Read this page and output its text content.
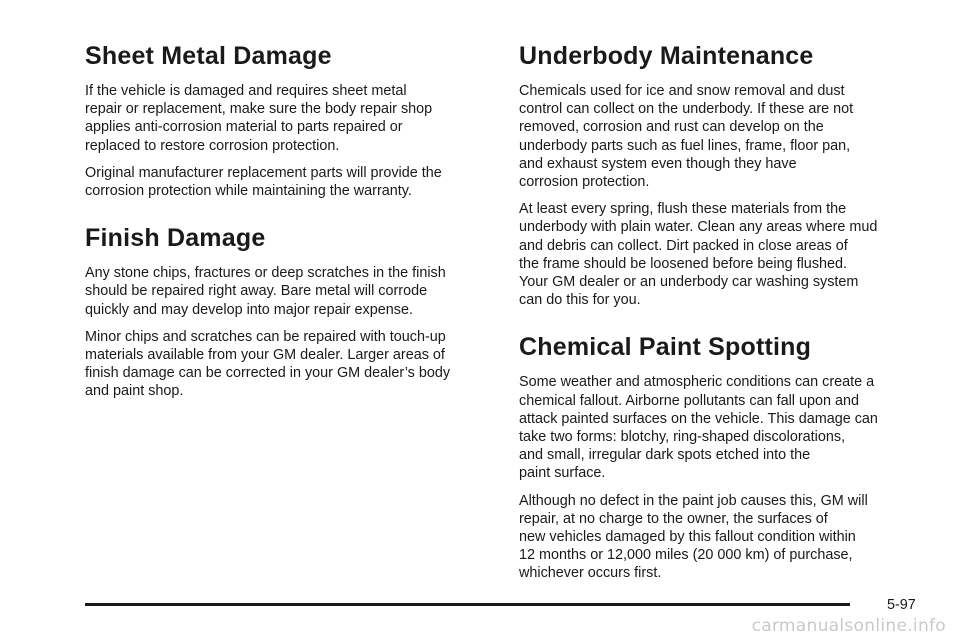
Sheet Metal Damage

If the vehicle is damaged and requires sheet metal
repair or replacement, make sure the body repair shop
applies anti-corrosion material to parts repaired or
replaced to restore corrosion protection.

Original manufacturer replacement parts will provide the
corrosion protection while maintaining the warranty.

Finish Damage

Any stone chips, fractures or deep scratches in the finish
should be repaired right away. Bare metal will corrode
quickly and may develop into major repair expense.

Minor chips and scratches can be repaired with touch-up
materials available from your GM dealer. Larger areas of
finish damage can be corrected in your GM dealer’s body
and paint shop.

Underbody Maintenance

Chemicals used for ice and snow removal and dust
control can collect on the underbody. If these are not
removed, corrosion and rust can develop on the
underbody parts such as fuel lines, frame, floor pan,
and exhaust system even though they have
corrosion protection.

At least every spring, flush these materials from the
underbody with plain water. Clean any areas where mud
and debris can collect. Dirt packed in close areas of
the frame should be loosened before being flushed.
Your GM dealer or an underbody car washing system
can do this for you.

Chemical Paint Spotting

Some weather and atmospheric conditions can create a
chemical fallout. Airborne pollutants can fall upon and
attack painted surfaces on the vehicle. This damage can
take two forms: blotchy, ring-shaped discolorations,
and small, irregular dark spots etched into the
paint surface.

Although no defect in the paint job causes this, GM will
repair, at no charge to the owner, the surfaces of
new vehicles damaged by this fallout condition within
12 months or 12,000 miles (20 000 km) of purchase,
whichever occurs first.

5-97
carmanualsonline.info
